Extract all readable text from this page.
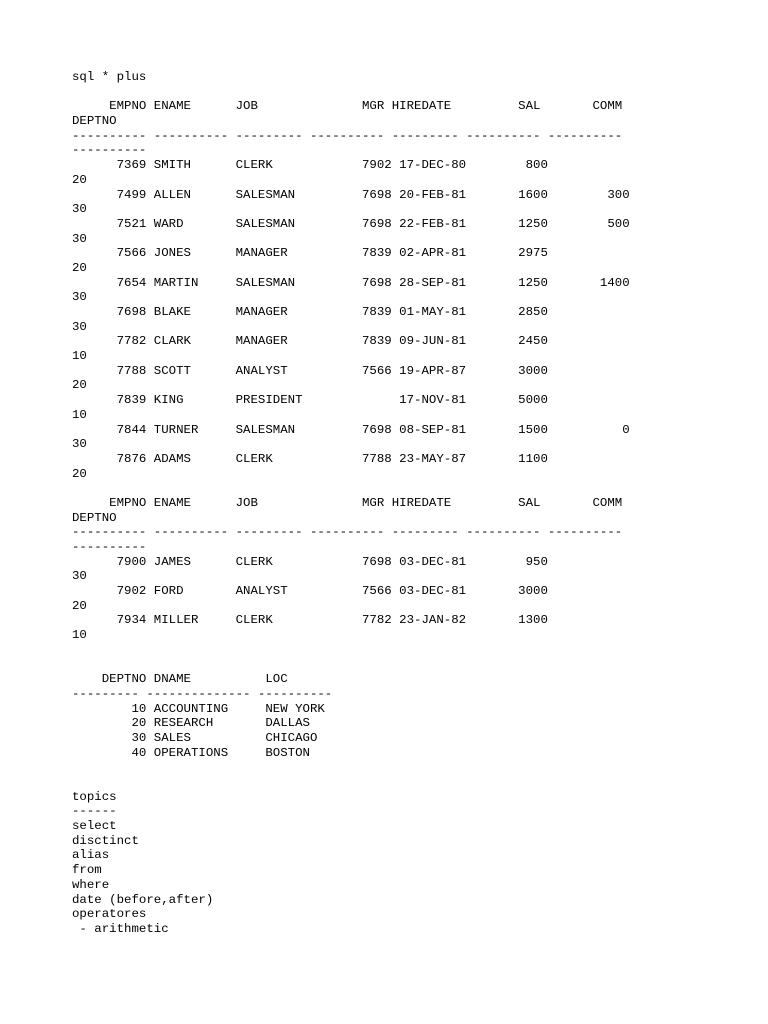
sql * plus
EMPNO ENAME      JOB              MGR HIREDATE         SAL       COMM
DEPTNO
---------- ---------- --------- ---------- --------- ---------- ----------
----------
7369 SMITH      CLERK            7902 17-DEC-80        800
20
7499 ALLEN      SALESMAN         7698 20-FEB-81       1600        300
30
7521 WARD       SALESMAN         7698 22-FEB-81       1250        500
30
7566 JONES      MANAGER          7839 02-APR-81       2975
20
7654 MARTIN     SALESMAN         7698 28-SEP-81       1250       1400
30
7698 BLAKE      MANAGER          7839 01-MAY-81       2850
30
7782 CLARK      MANAGER          7839 09-JUN-81       2450
10
7788 SCOTT      ANALYST          7566 19-APR-87       3000
20
7839 KING       PRESIDENT             17-NOV-81       5000
10
7844 TURNER     SALESMAN         7698 08-SEP-81       1500          0
30
7876 ADAMS      CLERK            7788 23-MAY-87       1100
20
EMPNO ENAME      JOB              MGR HIREDATE         SAL       COMM
DEPTNO
---------- ---------- --------- ---------- --------- ---------- ----------
----------
7900 JAMES      CLERK            7698 03-DEC-81        950
30
7902 FORD       ANALYST          7566 03-DEC-81       3000
20
7934 MILLER     CLERK            7782 23-JAN-82       1300
10
DEPTNO DNAME          LOC
--------- -------------- ----------
10 ACCOUNTING     NEW YORK
20 RESEARCH       DALLAS
30 SALES          CHICAGO
40 OPERATIONS     BOSTON
topics
------
select
disctinct
alias
from
where
date (before,after)
operatores
- arithmetic
